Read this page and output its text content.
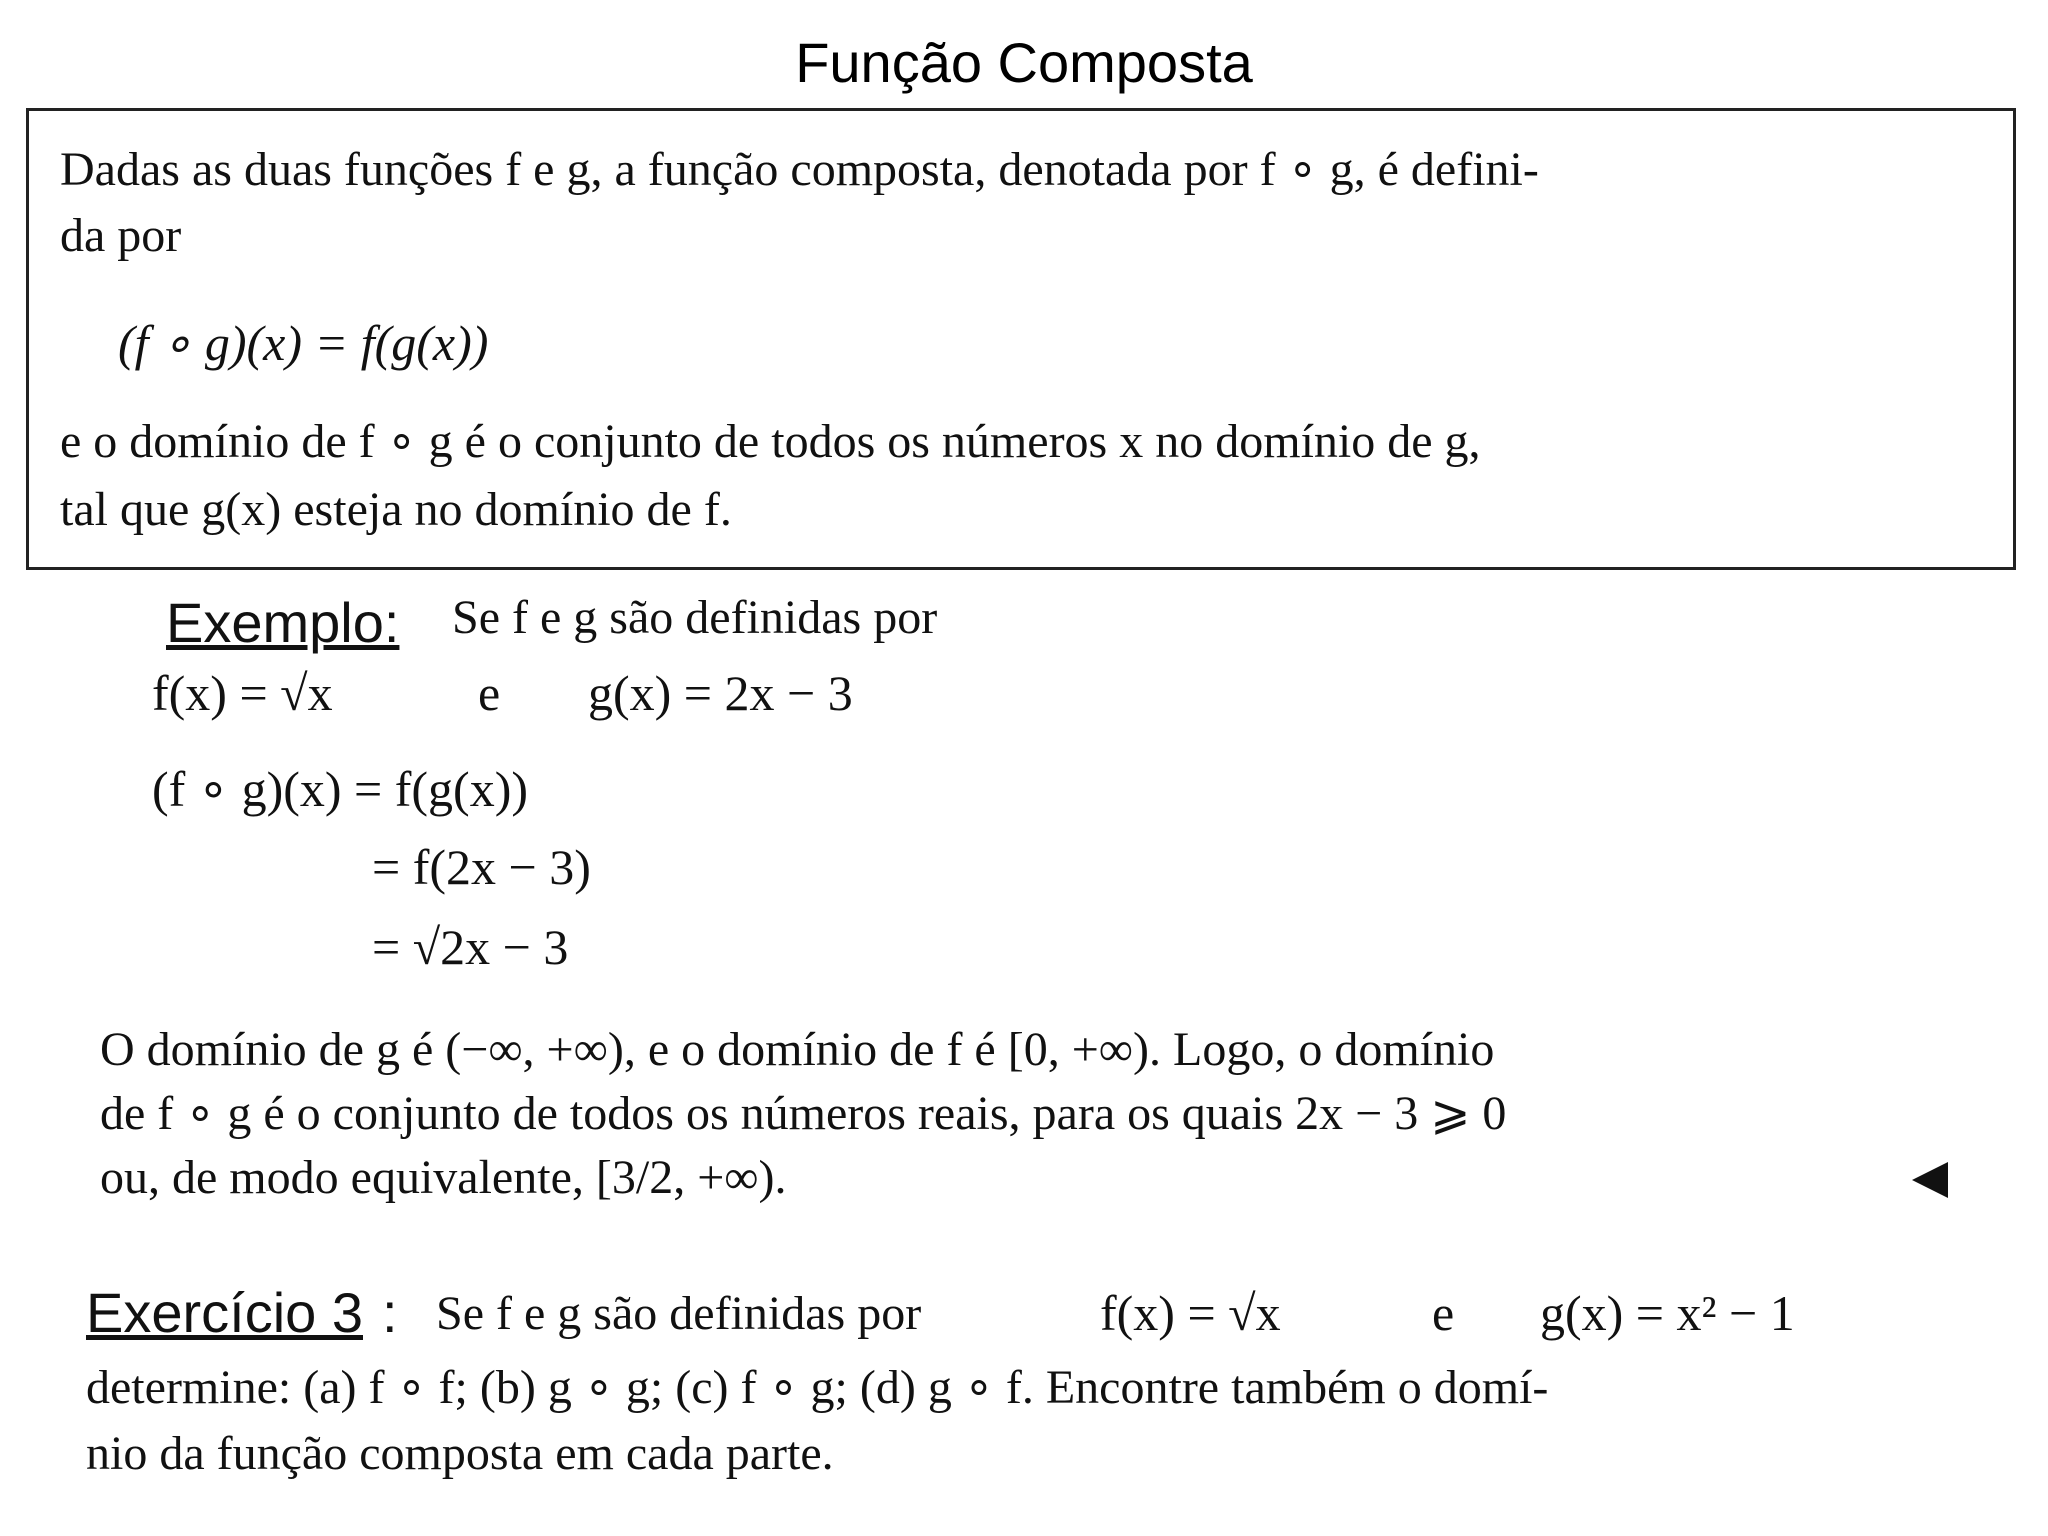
Função Composta
Dadas as duas funções f e g, a função composta, denotada por f ∘ g, é defini-
da por
(f ∘ g)(x) = f(g(x))
e o domínio de f ∘ g é o conjunto de todos os números x no domínio de g,
tal que g(x) esteja no domínio de f.
Exemplo: Se f e g são definidas por
f(x) = √x	e g(x) = 2x − 3
(f ∘ g)(x) = f(g(x))
= f(2x − 3)
= √2x − 3
O domínio de g é (−∞, +∞), e o domínio de f é [0, +∞). Logo, o domínio
de f ∘ g é o conjunto de todos os números reais, para os quais 2x − 3 ⩾ 0
ou, de modo equivalente, [3/2, +∞).
Exercício 3 : Se f e g são definidas por	f(x) = √x	e g(x) = x² − 1
determine: (a) f ∘ f; (b) g ∘ g; (c) f ∘ g; (d) g ∘ f. Encontre também o domí-
nio da função composta em cada parte.
